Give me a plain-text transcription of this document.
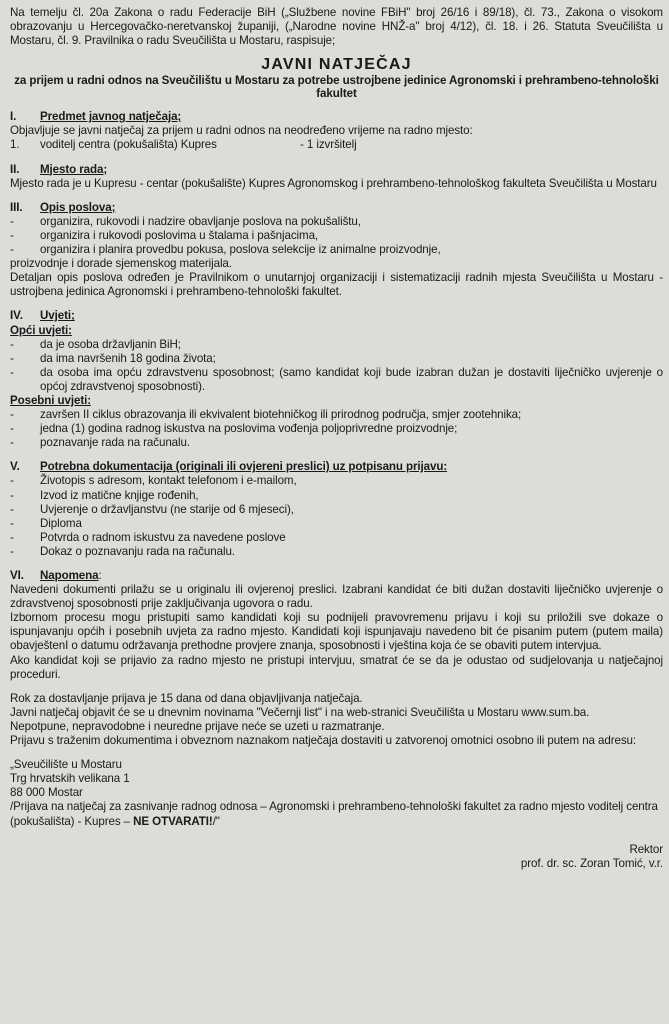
Na temelju čl. 20a Zakona o radu Federacije BiH („Službene novine FBiH" broj 26/16 i 89/18), čl. 73., Zakona o visokom obrazovanju u Hercegovačko-neretvanskoj županiji, („Narodne novine HNŽ-a" broj 4/12), čl. 18. i 26. Statuta Sveučilišta u Mostaru, čl. 9. Pravilnika o radu Sveučilišta u Mostaru, raspisuje;

JAVNI NATJEČAJ
za prijem u radni odnos na Sveučilištu u Mostaru za potrebe ustrojbene jedinice Agronomski i prehrambeno-tehnološki fakultet
I. Predmet javnog natječaja;

Objavljuje se javni natječaj za prijem u radni odnos na neodređeno vrijeme na radno mjesto:

1.	voditelj centra (pokušališta) Kupres	- 1 izvršitelj
II. Mjesto rada;

Mjesto rada je u Kupresu - centar (pokušalište) Kupres Agronomskog i prehrambeno-tehnološkog fakulteta Sveučilišta u Mostaru

III. Opis poslova;
-	organizira, rukovodi i nadzire obavljanje poslova na pokušalištu,
-	organizira i rukovodi poslovima u štalama i pašnjacima,
-	organizira i planira provedbu pokusa, poslova selekcije iz animalne proizvodnje,

proizvodnje i dorade sjemenskog materijala.

Detaljan opis poslova određen je Pravilnikom o unutarnjoj organizaciji i sistematizaciji radnih mjesta Sveučilišta u Mostaru - ustrojbena jedinica Agronomski i prehrambeno-tehnološki fakultet.

IV. Uvjeti;
Opći uvjeti:
-	da je osoba državljanin BiH;
-	da ima navršenih 18 godina života;
-	da osoba ima opću zdravstvenu sposobnost; (samo kandidat koji bude izabran dužan je dostaviti liječničko uvjerenje o općoj zdravstvenoj sposobnosti).
Posebni uvjeti:
-	završen II ciklus obrazovanja ili ekvivalent biotehničkog ili prirodnog područja, smjer zootehnika;
-	jedna (1) godina radnog iskustva na poslovima vođenja poljoprivredne proizvodnje;
-	poznavanje rada na računalu.
V. Potrebna dokumentacija (originali ili ovjereni preslici) uz potpisanu prijavu:
-	Životopis s adresom, kontakt telefonom i e-mailom,
-	Izvod iz matične knjige rođenih,
-	Uvjerenje o državljanstvu (ne starije od 6 mjeseci),
-	Diploma
-	Potvrda o radnom iskustvu za navedene poslove
-	Dokaz o poznavanju rada na računalu.
VI. Napomena:

Navedeni dokumenti prilažu se u originalu ili ovjerenoj preslici. Izabrani kandidat će biti dužan dostaviti liječničko uvjerenje o zdravstvenoj sposobnosti prije zaključivanja ugovora o radu.

Izbornom procesu mogu pristupiti samo kandidati koji su podnijeli pravovremenu prijavu i koji su priložili sve dokaze o ispunjavanju općih i posebnih uvjeta za radno mjesto. Kandidati koji ispunjavaju navedeno bit će pisanim putem (putem maila) obavještenI o datumu održavanja prethodne provjere znanja, sposobnosti i vještina koja će se obaviti putem intervjua.

Ako kandidat koji se prijavio za radno mjesto ne pristupi intervjuu, smatrat će se da je odustao od sudjelovanja u natječajnoj proceduri.

Rok za dostavljanje prijava je 15 dana od dana objavljivanja natječaja.

Javni natječaj objavit će se u dnevnim novinama "Večernji list" i na web-stranici Sveučilišta u Mostaru www.sum.ba.

Nepotpune, nepravodobne i neuredne prijave neće se uzeti u razmatranje.

Prijavu s traženim dokumentima i obveznom naznakom natječaja dostaviti u zatvorenoj omotnici osobno ili putem na adresu:

„Sveučilište u Mostaru

Trg hrvatskih velikana 1

88 000 Mostar

/Prijava na natječaj za zasnivanje radnog odnosa – Agronomski i prehrambeno-tehnološki fakultet za radno mjesto voditelj centra (pokušališta) - Kupres – NE OTVARATI!/"

Rektor

prof. dr. sc. Zoran Tomić, v.r.
